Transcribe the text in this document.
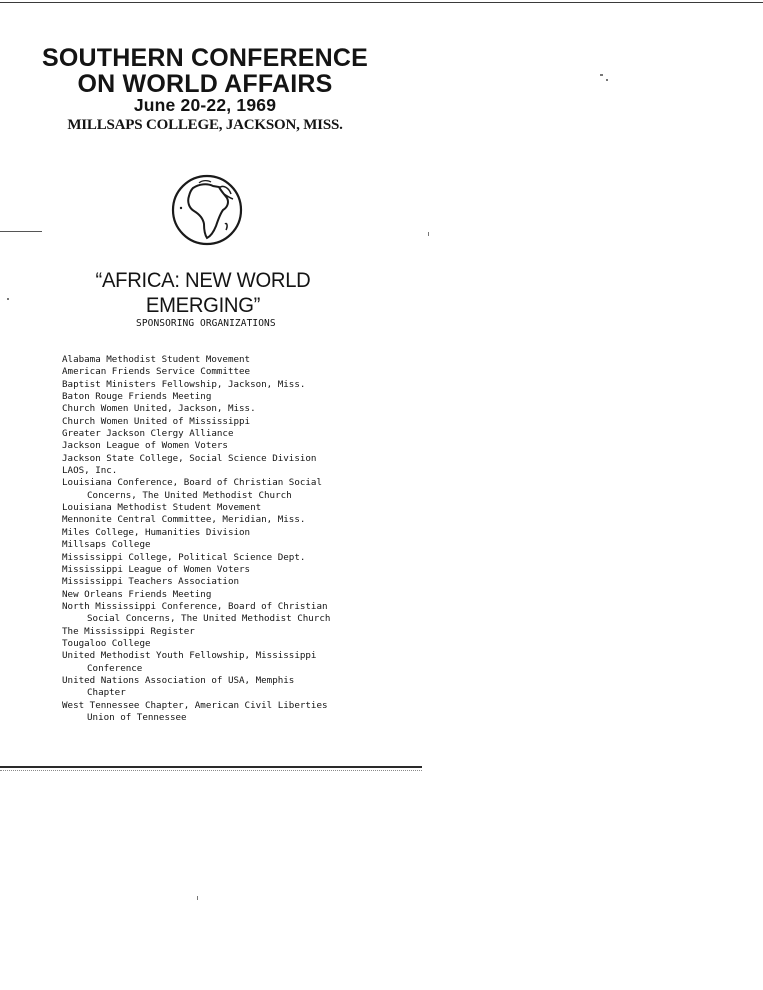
SOUTHERN CONFERENCE
ON WORLD AFFAIRS
June 20-22, 1969
MILLSAPS COLLEGE, JACKSON, MISS.
“AFRICA: NEW WORLD EMERGING”
SPONSORING ORGANIZATIONS
Alabama Methodist Student Movement
American Friends Service Committee
Baptist Ministers Fellowship, Jackson, Miss.
Baton Rouge Friends Meeting
Church Women United, Jackson, Miss.
Church Women United of Mississippi
Greater Jackson Clergy Alliance
Jackson League of Women Voters
Jackson State College, Social Science Division
LAOS, Inc.
Louisiana Conference, Board of Christian Social
Concerns, The United Methodist Church
Louisiana Methodist Student Movement
Mennonite Central Committee, Meridian, Miss.
Miles College, Humanities Division
Millsaps College
Mississippi College, Political Science Dept.
Mississippi League of Women Voters
Mississippi Teachers Association
New Orleans Friends Meeting
North Mississippi Conference, Board of Christian
Social Concerns, The United Methodist Church
The Mississippi Register
Tougaloo College
United Methodist Youth Fellowship, Mississippi
Conference
United Nations Association of USA, Memphis
Chapter
West Tennessee Chapter, American Civil Liberties
Union of Tennessee
